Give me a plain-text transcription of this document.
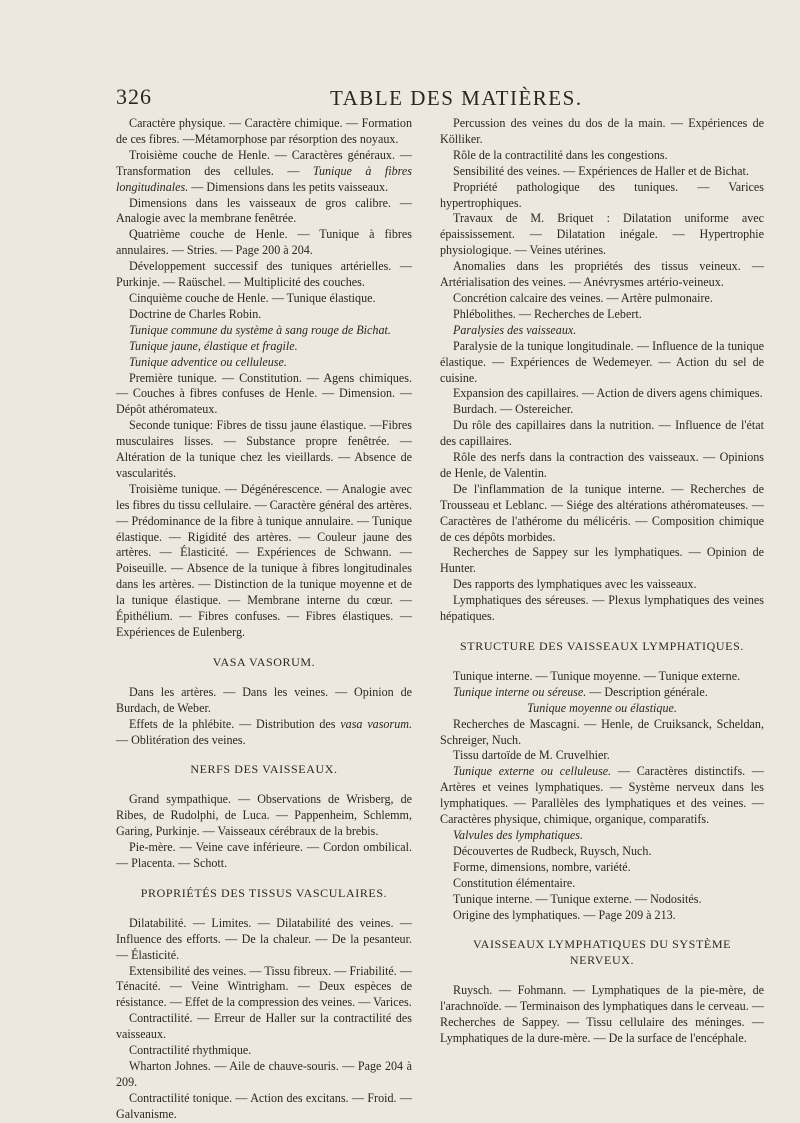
326	TABLE DES MATIÈRES.

Caractère physique. — Caractère chimique. — Formation de ces fibres. —Métamorphose par résorption des noyaux.

Troisième couche de Henle. — Caractères généraux. — Transformation des cellules. — Tunique à fibres longitudinales. — Dimensions dans les petits vaisseaux.

Dimensions dans les vaisseaux de gros calibre. — Analogie avec la membrane fenêtrée.

Quatrième couche de Henle. — Tunique à fibres annulaires. — Stries. — Page 200 à 204.

Développement successif des tuniques artérielles. —Purkinje. — Raüschel. — Multiplicité des couches.

Cinquième couche de Henle. — Tunique élastique.

Doctrine de Charles Robin.

Tunique commune du système à sang rouge de Bichat.

Tunique jaune, élastique et fragile.

Tunique adventice ou celluleuse.

Première tunique. — Constitution. — Agens chimiques. — Couches à fibres confuses de Henle. — Dimension. — Dépôt athéromateux.

Seconde tunique: Fibres de tissu jaune élastique. —Fibres musculaires lisses. — Substance propre fenêtrée. — Altération de la tunique chez les vieillards. — Absence de vascularités.

Troisième tunique. — Dégénérescence. — Analogie avec les fibres du tissu cellulaire. — Caractère général des artères. — Prédominance de la fibre à tunique annulaire. — Tunique élastique. — Rigidité des artères. — Couleur jaune des artères. — Élasticité. — Expériences de Schwann. — Poiseuille. — Absence de la tunique à fibres longitudinales dans les artères. — Distinction de la tunique moyenne et de la tunique élastique. — Membrane interne du cœur. — Épithélium. — Fibres confuses. — Fibres élastiques. — Expériences de Eulenberg.

VASA VASORUM.

Dans les artères. — Dans les veines. — Opinion de Burdach, de Weber.

Effets de la phlébite. — Distribution des vasa vasorum. — Oblitération des veines.

NERFS DES VAISSEAUX.

Grand sympathique. — Observations de Wrisberg, de Ribes, de Rudolphi, de Luca. — Pappenheim, Schlemm, Garing, Purkinje. — Vaisseaux cérébraux de la brebis.

Pie-mère. — Veine cave inférieure. — Cordon ombilical. — Placenta. — Schott.

PROPRIÉTÉS DES TISSUS VASCULAIRES.

Dilatabilité. — Limites. — Dilatabilité des veines. — Influence des efforts. — De la chaleur. — De la pesanteur. — Élasticité.

Extensibilité des veines. — Tissu fibreux. — Friabilité. — Ténacité. — Veine Wintrigham. — Deux espèces de résistance. — Effet de la compression des veines. — Varices.

Contractilité. — Erreur de Haller sur la contractilité des vaisseaux.

Contractilité rhythmique.

Wharton Johnes. — Aile de chauve-souris. — Page 204 à 209.

Contractilité tonique. — Action des excitans. — Froid. — Galvanisme.

Percussion des veines du dos de la main. — Expériences de Kölliker.

Rôle de la contractilité dans les congestions.

Sensibilité des veines. — Expériences de Haller et de Bichat.

Propriété pathologique des tuniques. — Varices hypertrophiques.

Travaux de M. Briquet : Dilatation uniforme avec épaississement. — Dilatation inégale. — Hypertrophie physiologique. — Veines utérines.

Anomalies dans les propriétés des tissus veineux. — Artérialisation des veines. — Anévrysmes artério-veineux.

Concrétion calcaire des veines. — Artère pulmonaire.

Phlébolithes. — Recherches de Lebert.

Paralysies des vaisseaux.

Paralysie de la tunique longitudinale. — Influence de la tunique élastique. — Expériences de Wedemeyer. — Action du sel de cuisine.

Expansion des capillaires. — Action de divers agens chimiques.

Burdach. — Ostereicher.

Du rôle des capillaires dans la nutrition. — Influence de l'état des capillaires.

Rôle des nerfs dans la contraction des vaisseaux. — Opinions de Henle, de Valentin.

De l'inflammation de la tunique interne. — Recherches de Trousseau et Leblanc. — Siége des altérations athéromateuses. — Caractères de l'athérome du mélicéris. — Composition chimique de ces dépôts morbides.

Recherches de Sappey sur les lymphatiques. — Opinion de Hunter.

Des rapports des lymphatiques avec les vaisseaux.

Lymphatiques des séreuses. — Plexus lymphatiques des veines hépatiques.

STRUCTURE DES VAISSEAUX LYMPHATIQUES.

Tunique interne. — Tunique moyenne. — Tunique externe.

Tunique interne ou séreuse. — Description générale.

Tunique moyenne ou élastique.

Recherches de Mascagni. — Henle, de Cruiksanck, Scheldan, Schreiger, Nuch.

Tissu dartoïde de M. Cruvelhier.

Tunique externe ou celluleuse. — Caractères distinctifs. — Artères et veines lymphatiques. — Système nerveux dans les lymphatiques. — Parallèles des lymphatiques et des veines. — Caractères physique, chimique, organique, comparatifs.

Valvules des lymphatiques.

Découvertes de Rudbeck, Ruysch, Nuch.

Forme, dimensions, nombre, variété.

Constitution élémentaire.

Tunique interne. — Tunique externe. — Nodosités.

Origine des lymphatiques. — Page 209 à 213.

VAISSEAUX LYMPHATIQUES DU SYSTÈME NERVEUX.

Ruysch. — Fohmann. — Lymphatiques de la pie-mère, de l'arachnoïde. — Terminaison des lymphatiques dans le cerveau. — Recherches de Sappey. — Tissu cellulaire des méninges. — Lymphatiques de la dure-mère. — De la surface de l'encéphale.
